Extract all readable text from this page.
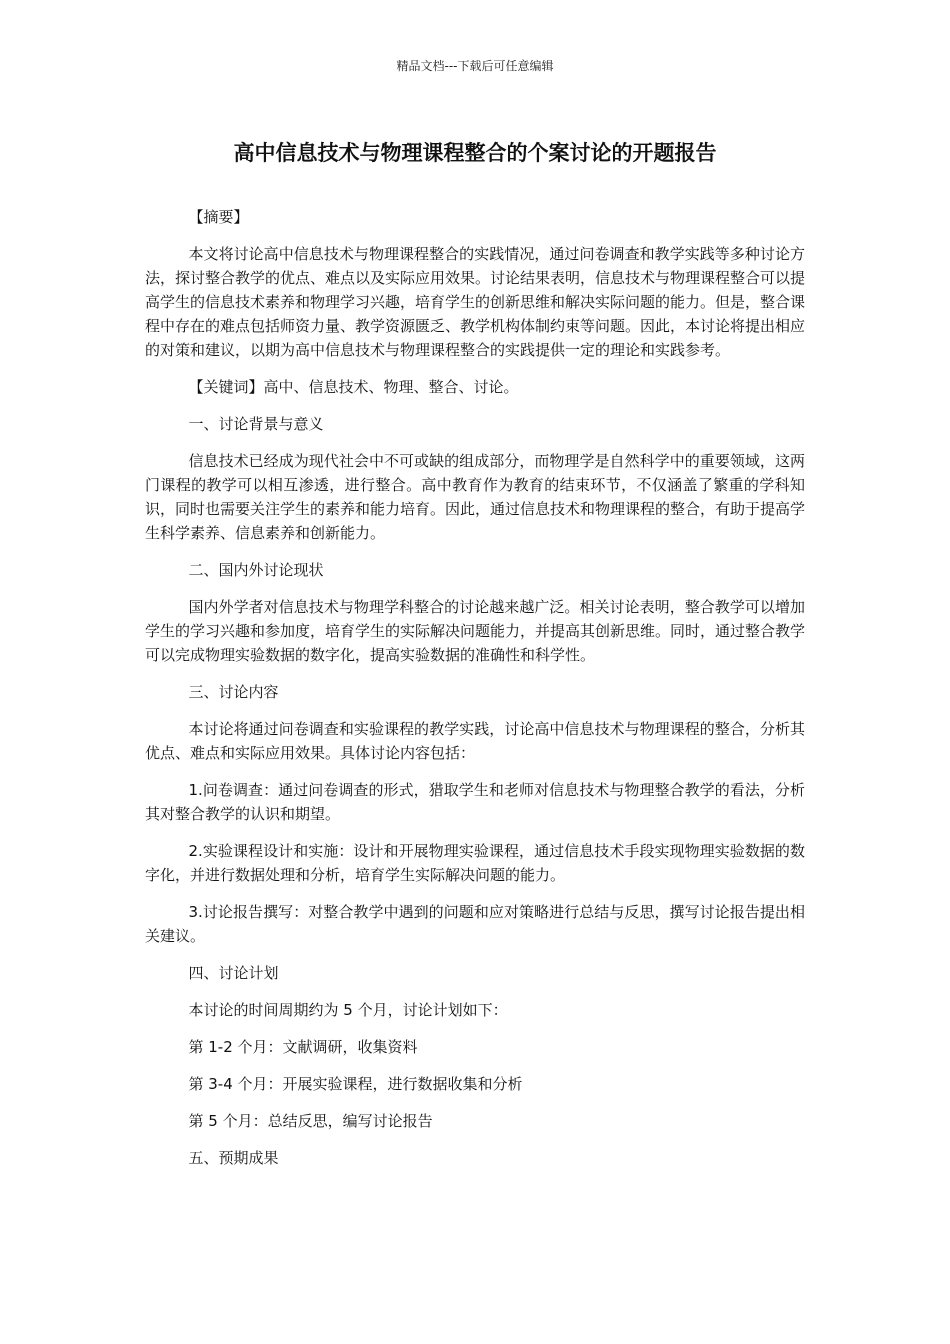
精品文档---下载后可任意编辑
高中信息技术与物理课程整合的个案讨论的开题报告

【摘要】

本文将讨论高中信息技术与物理课程整合的实践情况，通过问卷调查和教学实践等多种讨论方法，探讨整合教学的优点、难点以及实际应用效果。讨论结果表明，信息技术与物理课程整合可以提高学生的信息技术素养和物理学习兴趣，培育学生的创新思维和解决实际问题的能力。但是，整合课程中存在的难点包括师资力量、教学资源匮乏、教学机构体制约束等问题。因此，本讨论将提出相应的对策和建议，以期为高中信息技术与物理课程整合的实践提供一定的理论和实践参考。

【关键词】高中、信息技术、物理、整合、讨论。

一、讨论背景与意义

信息技术已经成为现代社会中不可或缺的组成部分，而物理学是自然科学中的重要领域，这两门课程的教学可以相互渗透，进行整合。高中教育作为教育的结束环节，不仅涵盖了繁重的学科知识，同时也需要关注学生的素养和能力培育。因此，通过信息技术和物理课程的整合，有助于提高学生科学素养、信息素养和创新能力。

二、国内外讨论现状

国内外学者对信息技术与物理学科整合的讨论越来越广泛。相关讨论表明，整合教学可以增加学生的学习兴趣和参加度，培育学生的实际解决问题能力，并提高其创新思维。同时，通过整合教学可以完成物理实验数据的数字化，提高实验数据的准确性和科学性。

三、讨论内容

本讨论将通过问卷调查和实验课程的教学实践，讨论高中信息技术与物理课程的整合，分析其优点、难点和实际应用效果。具体讨论内容包括：

1.问卷调查：通过问卷调查的形式，猎取学生和老师对信息技术与物理整合教学的看法，分析其对整合教学的认识和期望。

2.实验课程设计和实施：设计和开展物理实验课程，通过信息技术手段实现物理实验数据的数字化，并进行数据处理和分析，培育学生实际解决问题的能力。

3.讨论报告撰写：对整合教学中遇到的问题和应对策略进行总结与反思，撰写讨论报告提出相关建议。

四、讨论计划

本讨论的时间周期约为 5 个月，讨论计划如下：

第 1-2 个月：文献调研，收集资料

第 3-4 个月：开展实验课程，进行数据收集和分析

第 5 个月：总结反思，编写讨论报告

五、预期成果
